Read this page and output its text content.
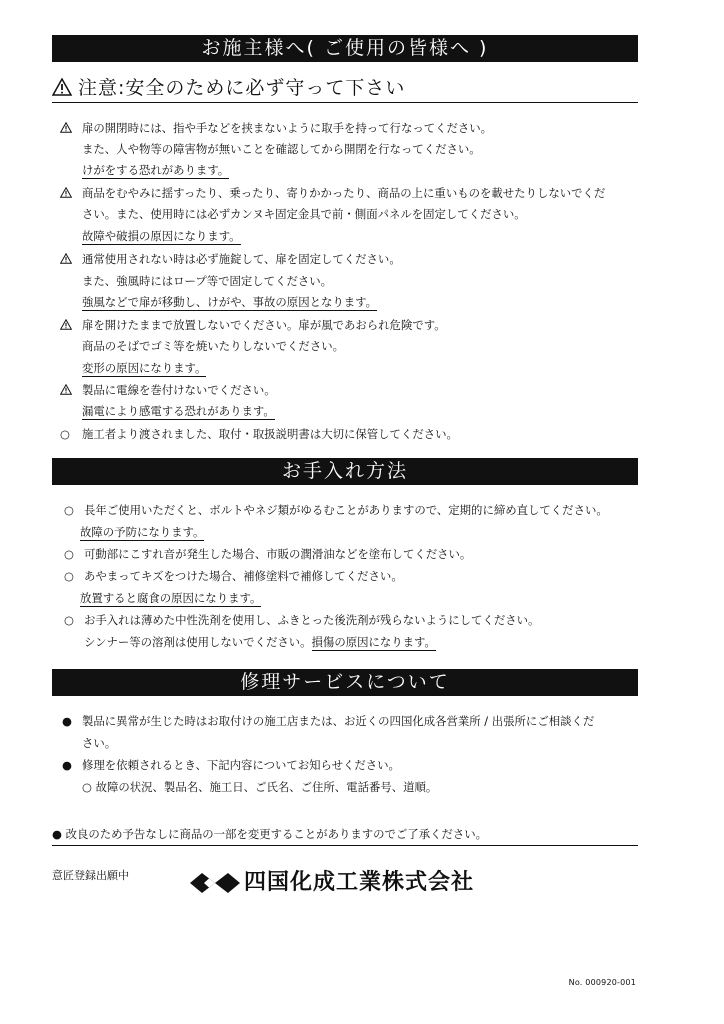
お施主様へ( ご使用の皆様へ )
注意:安全のために必ず守って下さい
扉の開閉時には、指や手などを挟まないように取手を持って行なってください。
また、人や物等の障害物が無いことを確認してから開閉を行なってください。
けがをする恐れがあります。
商品をむやみに揺すったり、乗ったり、寄りかかったり、商品の上に重いものを載せたりしないでくだ
さい。また、使用時には必ずカンヌキ固定金具で前・側面パネルを固定してください。
故障や破損の原因になります。
通常使用されない時は必ず施錠して、扉を固定してください。
また、強風時にはロープ等で固定してください。
強風などで扉が移動し、けがや、事故の原因となります。
扉を開けたままで放置しないでください。扉が風であおられ危険です。
商品のそばでゴミ等を焼いたりしないでください。
変形の原因になります。
製品に電線を巻付けないでください。
漏電により感電する恐れがあります。
○ 施工者より渡されました、取付・取扱説明書は大切に保管してください。
お手入れ方法
○ 長年ご使用いただくと、ボルトやネジ類がゆるむことがありますので、定期的に締め直してください。
故障の予防になります。
○ 可動部にこすれ音が発生した場合、市販の潤滑油などを塗布してください。
○ あやまってキズをつけた場合、補修塗料で補修してください。
放置すると腐食の原因になります。
○ お手入れは薄めた中性洗剤を使用し、ふきとった後洗剤が残らないようにしてください。
シンナー等の溶剤は使用しないでください。損傷の原因になります。
修理サービスについて
● 製品に異常が生じた時はお取付けの施工店または、お近くの四国化成各営業所 / 出張所にご相談くだ
さい。
● 修理を依頼されるとき、下記内容についてお知らせください。
○ 故障の状況、製品名、施工日、ご氏名、ご住所、電話番号、道順。
● 改良のため予告なしに商品の一部を変更することがありますのでご了承ください。
意匠登録出願中	四国化成工業株式会社
No. 000920-001
